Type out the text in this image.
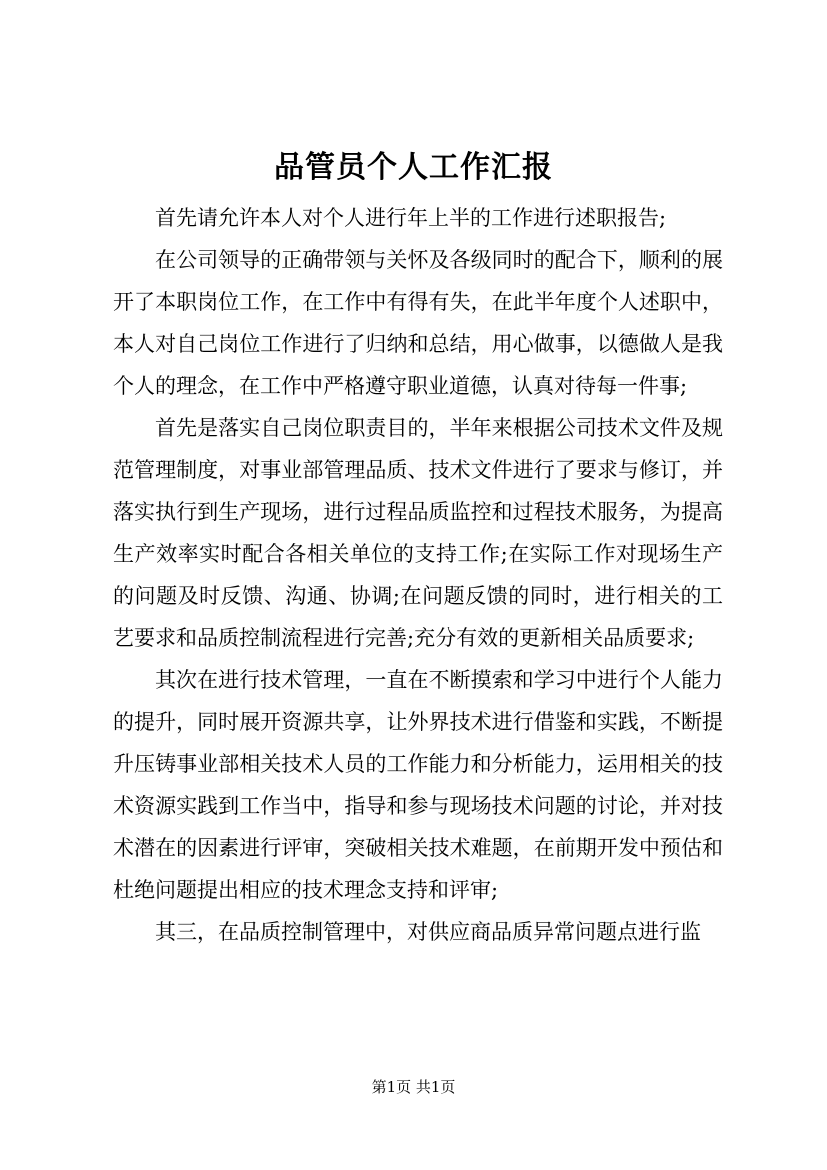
品管员个人工作汇报

首先请允许本人对个人进行年上半的工作进行述职报告;

在公司领导的正确带领与关怀及各级同时的配合下，顺利的展开了本职岗位工作，在工作中有得有失，在此半年度个人述职中，本人对自己岗位工作进行了归纳和总结，用心做事，以德做人是我个人的理念，在工作中严格遵守职业道德，认真对待每一件事;

首先是落实自己岗位职责目的，半年来根据公司技术文件及规范管理制度，对事业部管理品质、技术文件进行了要求与修订，并落实执行到生产现场，进行过程品质监控和过程技术服务，为提高生产效率实时配合各相关单位的支持工作;在实际工作对现场生产的问题及时反馈、沟通、协调;在问题反馈的同时，进行相关的工艺要求和品质控制流程进行完善;充分有效的更新相关品质要求;

其次在进行技术管理，一直在不断摸索和学习中进行个人能力的提升，同时展开资源共享，让外界技术进行借鉴和实践，不断提升压铸事业部相关技术人员的工作能力和分析能力，运用相关的技术资源实践到工作当中，指导和参与现场技术问题的讨论，并对技术潜在的因素进行评审，突破相关技术难题，在前期开发中预估和杜绝问题提出相应的技术理念支持和评审;

其三，在品质控制管理中，对供应商品质异常问题点进行监

第1页 共1页
